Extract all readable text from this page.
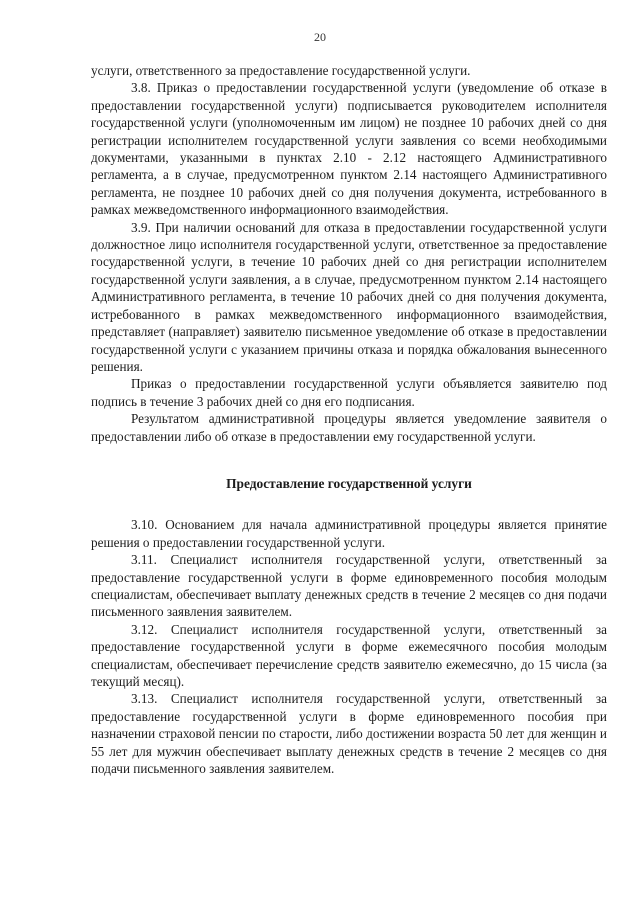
20

услуги, ответственного за предоставление государственной услуги.

3.8. Приказ о предоставлении государственной услуги (уведомление об отказе в предоставлении государственной услуги) подписывается руководителем исполнителя государственной услуги (уполномоченным им лицом) не позднее 10 рабочих дней со дня регистрации исполнителем государственной услуги заявления со всеми необходимыми документами, указанными в пунктах 2.10 - 2.12 настоящего Административного регламента, а в случае, предусмотренном пунктом 2.14 настоящего Административного регламента, не позднее 10 рабочих дней со дня получения документа, истребованного в рамках межведомственного информационного взаимодействия.

3.9. При наличии оснований для отказа в предоставлении государственной услуги должностное лицо исполнителя государственной услуги, ответственное за предоставление государственной услуги, в течение 10 рабочих дней со дня регистрации исполнителем государственной услуги заявления, а в случае, предусмотренном пунктом 2.14 настоящего Административного регламента, в течение 10 рабочих дней со дня получения документа, истребованного в рамках межведомственного информационного взаимодействия, представляет (направляет) заявителю письменное уведомление об отказе в предоставлении государственной услуги с указанием причины отказа и порядка обжалования вынесенного решения.

Приказ о предоставлении государственной услуги объявляется заявителю под подпись в течение 3 рабочих дней со дня его подписания.

Результатом административной процедуры является уведомление заявителя о предоставлении либо об отказе в предоставлении ему государственной услуги.

Предоставление государственной услуги

3.10. Основанием для начала административной процедуры является принятие решения о предоставлении государственной услуги.

3.11. Специалист исполнителя государственной услуги, ответственный за предоставление государственной услуги в форме единовременного пособия молодым специалистам, обеспечивает выплату денежных средств в течение 2 месяцев со дня подачи письменного заявления заявителем.

3.12. Специалист исполнителя государственной услуги, ответственный за предоставление государственной услуги в форме ежемесячного пособия молодым специалистам, обеспечивает перечисление средств заявителю ежемесячно, до 15 числа (за текущий месяц).

3.13. Специалист исполнителя государственной услуги, ответственный за предоставление государственной услуги в форме единовременного пособия при назначении страховой пенсии по старости, либо достижении возраста 50 лет для женщин и 55 лет для мужчин обеспечивает выплату денежных средств в течение 2 месяцев со дня подачи письменного заявления заявителем.
